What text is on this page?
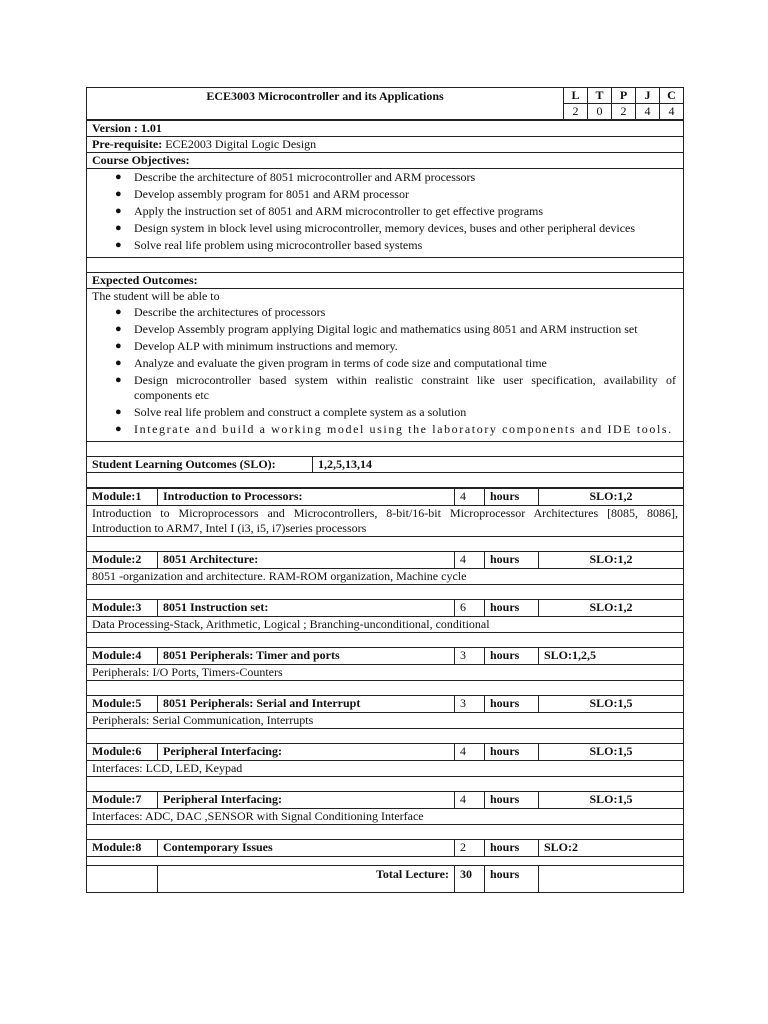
ECE3003 Microcontroller and its Applications	L	T	P	J	C
	2	0	2	4	4
Version : 1.01
Pre-requisite: ECE2003 Digital Logic Design
Course Objectives:

● Describe the architecture of 8051 microcontroller and ARM processors
● Develop assembly program for 8051 and ARM processor
● Apply the instruction set of 8051 and ARM microcontroller to get effective programs
● Design system in block level using microcontroller, memory devices, buses and other peripheral devices
● Solve real life problem using microcontroller based systems

Expected Outcomes:

The student will be able to
● Describe the architectures of processors
● Develop Assembly program applying Digital logic and mathematics using 8051 and ARM instruction set
● Develop ALP with minimum instructions and memory.
● Analyze and evaluate the given program in terms of code size and computational time
● Design microcontroller based system within realistic constraint like user specification, availability of components etc
● Solve real life problem and construct a complete system as a solution
● Integrate and build a working model using the laboratory components and IDE tools.

Student Learning Outcomes (SLO):	1,2,5,13,14

Module:1	Introduction to Processors:	4	hours	SLO:1,2
Introduction to Microprocessors and Microcontrollers, 8-bit/16-bit Microprocessor Architectures [8085, 8086], Introduction to ARM7, Intel I (i3, i5, i7)series processors				

Module:2	8051 Architecture:	4	hours	SLO:1,2
8051 -organization and architecture. RAM-ROM organization, Machine cycle				

Module:3	8051 Instruction set:	6	hours	SLO:1,2
Data Processing-Stack, Arithmetic, Logical ; Branching-unconditional, conditional				

Module:4	8051 Peripherals: Timer and ports	3	hours	SLO:1,2,5
Peripherals: I/O Ports, Timers-Counters				

Module:5	8051 Peripherals: Serial and Interrupt	3	hours	SLO:1,5
Peripherals: Serial Communication, Interrupts				

Module:6	Peripheral Interfacing:	4	hours	SLO:1,5
Interfaces: LCD, LED, Keypad				

Module:7	Peripheral Interfacing:	4	hours	SLO:1,5
Interfaces: ADC, DAC ,SENSOR with Signal Conditioning Interface				

Module:8	Contemporary Issues	2	hours	SLO:2

	Total Lecture:	30	hours	
